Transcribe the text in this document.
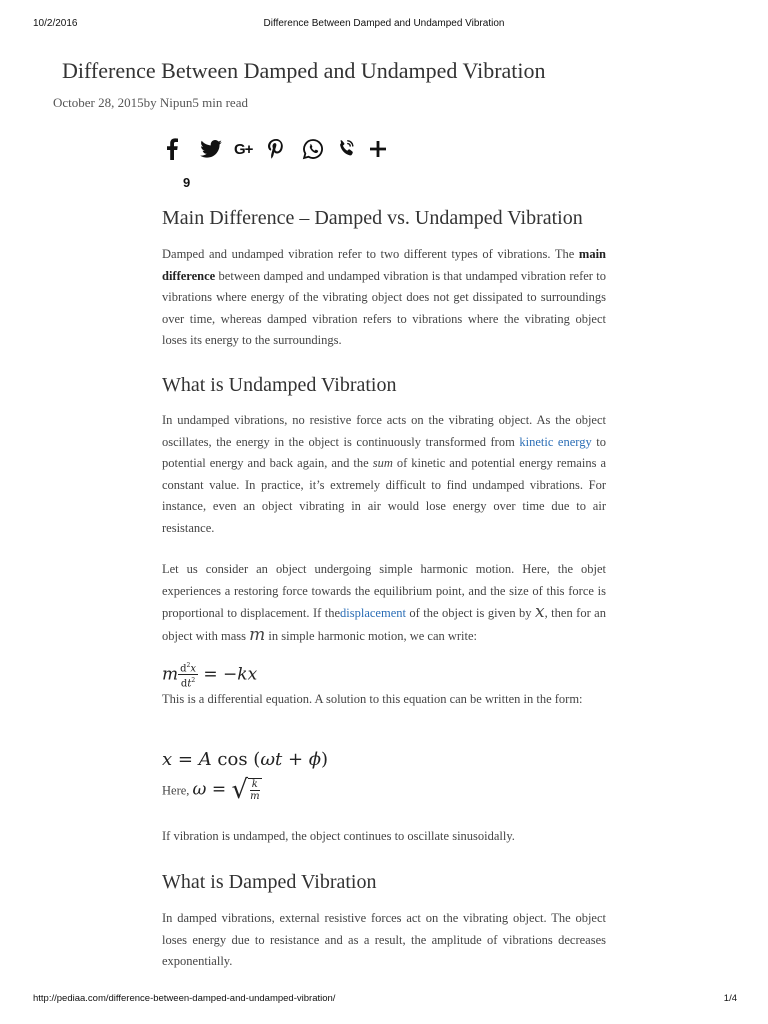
10/2/2016	Difference Between Damped and Undamped Vibration
Difference Between Damped and Undamped Vibration
October 28, 2015by Nipun5 min read
G+
9
Main Difference – Damped vs. Undamped Vibration

Damped and undamped vibration refer to two different types of vibrations. The main difference between damped and undamped vibration is that undamped vibration refer to vibrations where energy of the vibrating object does not get dissipated to surroundings over time, whereas damped vibration refers to vibrations where the vibrating object loses its energy to the surroundings.

What is Undamped Vibration

In undamped vibrations, no resistive force acts on the vibrating object. As the object oscillates, the energy in the object is continuously transformed from kinetic energy to potential energy and back again, and the sum of kinetic and potential energy remains a constant value. In practice, it’s extremely difficult to find undamped vibrations. For instance, even an object vibrating in air would lose energy over time due to air resistance.

Let us consider an object undergoing simple harmonic motion. Here, the objet experiences a restoring force towards the equilibrium point, and the size of this force is proportional to displacement. If thedisplacement of the object is given by x, then for an object with mass m in simple harmonic motion, we can write:

m $\frac{d^2x}{dt^2} = -kx$

This is a differential equation. A solution to this equation can be written in the form:

x = A cos (ωt + ϕ)
Here, ω = √ $\frac{k}{m}$

If vibration is undamped, the object continues to oscillate sinusoidally.

What is Damped Vibration

In damped vibrations, external resistive forces act on the vibrating object. The object loses energy due to resistance and as a result, the amplitude of vibrations decreases exponentially.

http://pediaa.com/difference-between-damped-and-undamped-vibration/	1/4
